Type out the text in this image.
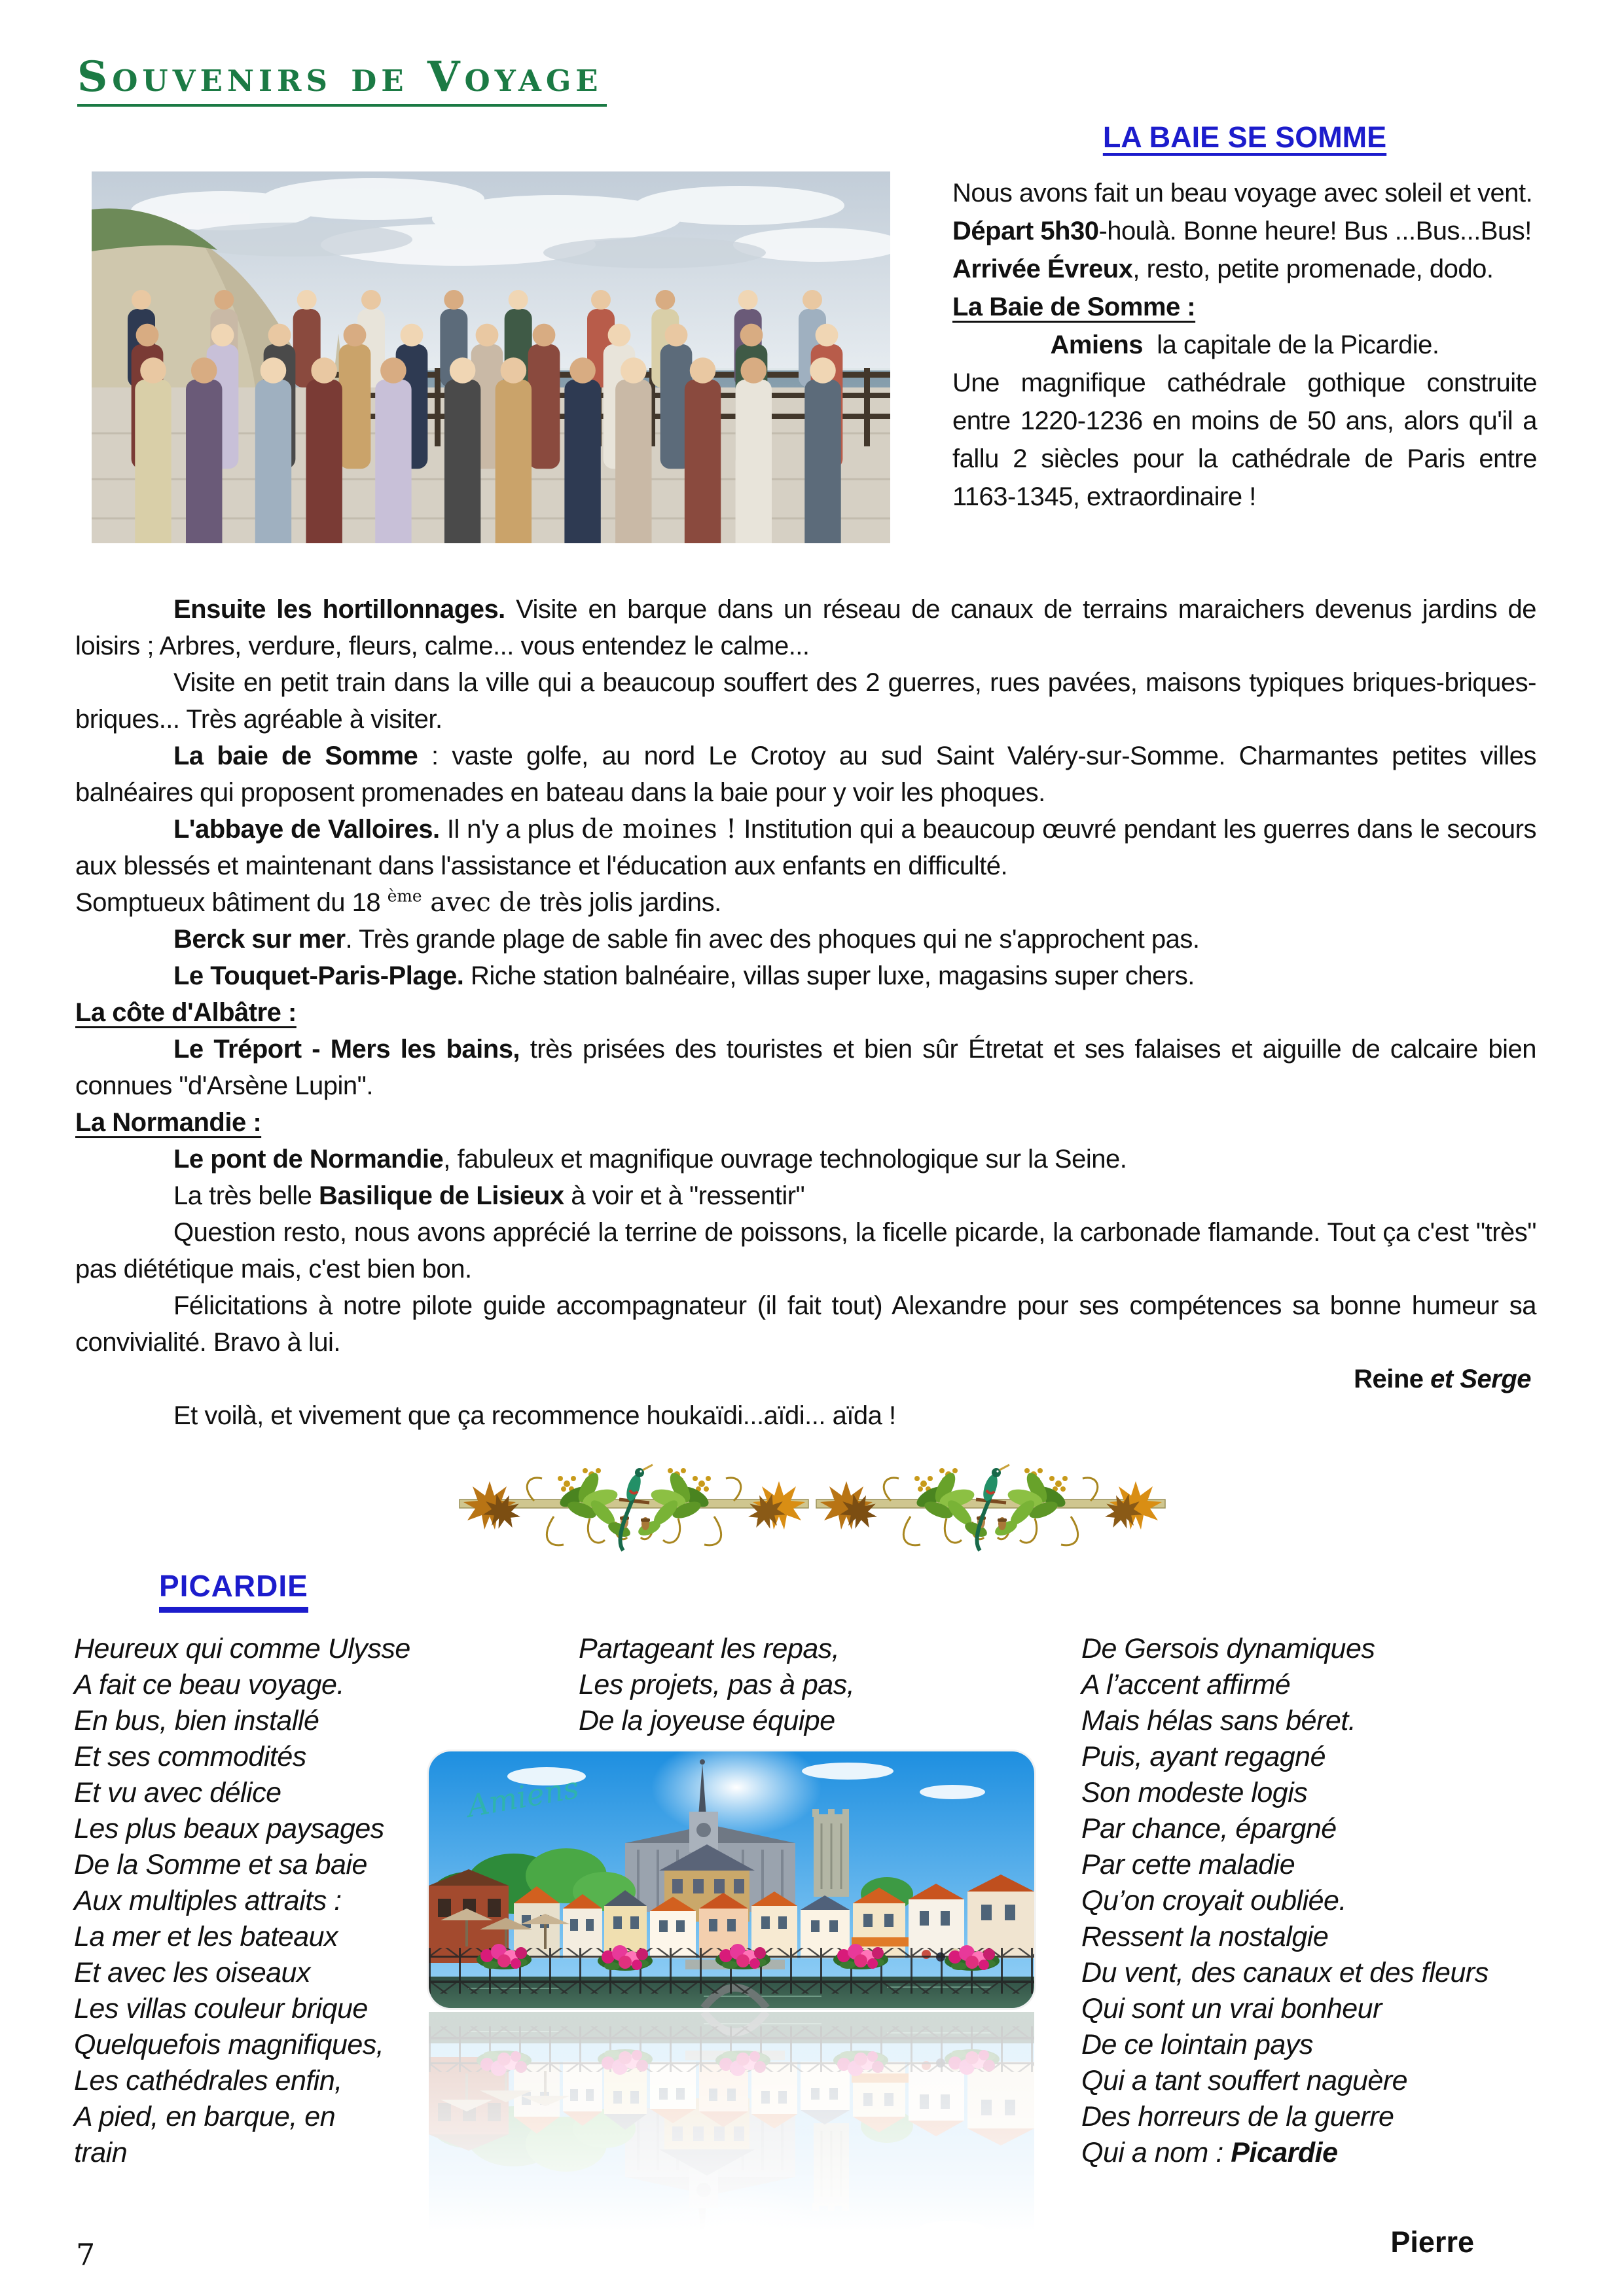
Souvenirs de Voyage
LA BAIE SE SOMME

Nous avons fait un beau voyage avec soleil et vent.

Départ 5h30-houlà. Bonne heure! Bus ...Bus...Bus!

Arrivée Évreux, resto, petite promenade, dodo.

La Baie de Somme :

Amiens  la capitale de la Picardie.

Une magnifique cathédrale gothique construite entre 1220-1236 en moins de 50 ans, alors qu'il a fallu 2 siècles pour la cathédrale de Paris entre 1163-1345, extraordinaire !

Ensuite les hortillonnages. Visite en barque dans un réseau de canaux de terrains maraichers devenus jardins de loisirs ; Arbres, verdure, fleurs, calme... vous entendez le calme...

Visite en petit train dans la ville qui a beaucoup souffert des 2 guerres, rues pavées, maisons typiques briques-briques-briques... Très agréable à visiter.

La baie de Somme : vaste golfe, au nord Le Crotoy au sud Saint Valéry-sur-Somme. Charmantes petites villes balnéaires qui proposent promenades en bateau dans la baie pour y voir les phoques.

L'abbaye de Valloires. Il n'y a plus de moines ! Institution qui a beaucoup œuvré pendant les guerres dans le secours aux blessés et maintenant dans l'assistance et l'éducation aux enfants en difficulté.

Somptueux bâtiment du 18 $^{ème}$ avec de très jolis jardins.

Berck sur mer. Très grande plage de sable fin avec des phoques qui ne s'approchent pas.

Le Touquet-Paris-Plage. Riche station balnéaire, villas super luxe, magasins super chers.

La côte d'Albâtre :

Le Tréport - Mers les bains, très prisées des touristes et bien sûr Étretat et ses falaises et aiguille de calcaire bien connues "d'Arsène Lupin".

La Normandie :

Le pont de Normandie, fabuleux et magnifique ouvrage technologique sur la Seine.

La très belle Basilique de Lisieux à voir et à "ressentir"

Question resto, nous avons apprécié la terrine de poissons, la ficelle picarde, la carbonade flamande. Tout ça c'est "très" pas diététique mais, c'est bien bon.

Félicitations à notre pilote guide accompagnateur (il fait tout) Alexandre pour ses compétences sa bonne humeur sa convivialité. Bravo à lui.

Reine et Serge

Et voilà, et vivement que ça recommence houkaïdi...aïdi... aïda !

PICARDIE
Heureux qui comme Ulysse
A fait ce beau voyage.
En bus, bien installé
Et ses commodités
Et vu avec délice
Les plus beaux paysages
De la Somme et sa baie
Aux multiples attraits :
La mer et les bateaux
Et avec les oiseaux
Les villas couleur brique
Quelquefois magnifiques,
Les cathédrales enfin,
A pied, en barque, en
train
Partageant les repas,
Les projets, pas à pas,
De la joyeuse équipe
De Gersois dynamiques
A l’accent affirmé
Mais hélas sans béret.
Puis, ayant regagné
Son modeste logis
Par chance, épargné
Par cette maladie
Qu’on croyait oubliée.
Ressent la nostalgie
Du vent, des canaux et des fleurs
Qui sont un vrai bonheur
De ce lointain pays
Qui a tant souffert naguère
Des horreurs de la guerre
Qui a nom : Picardie
Pierre
Amiens
7
